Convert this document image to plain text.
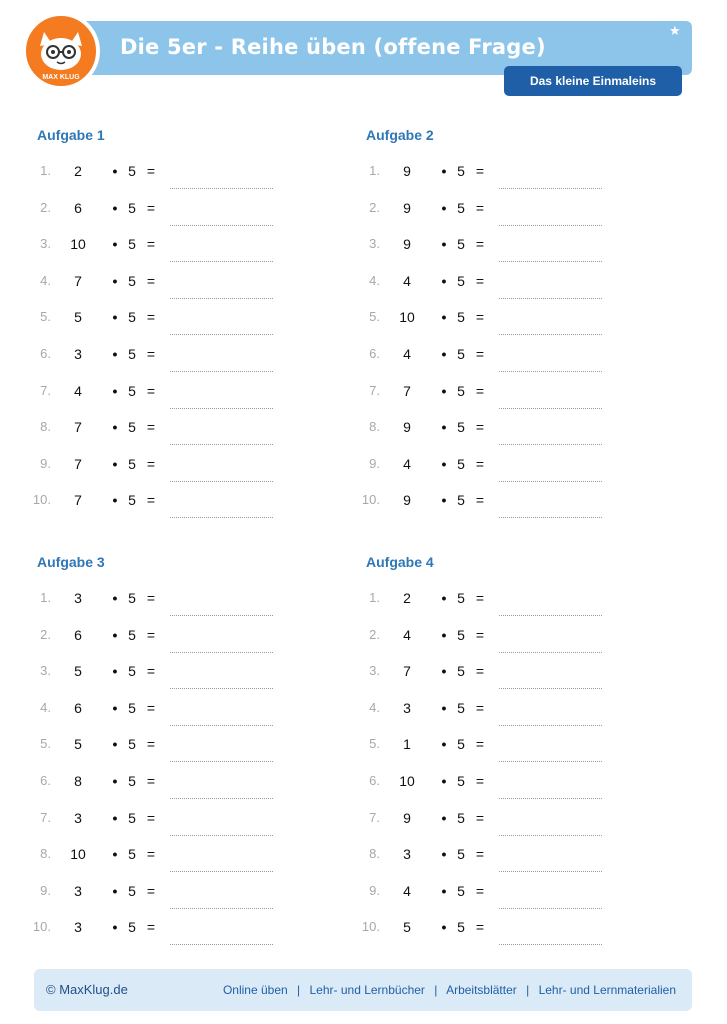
MAX KLUG
Die 5er - Reihe üben (offene Frage)
★
Das kleine Einmaleins
Aufgabe 1
1.	2	• 5 =
2.	6	• 5 =
3.	10	• 5 =
4.	7	• 5 =
5.	5	• 5 =
6.	3	• 5 =
7.	4	• 5 =
8.	7	• 5 =
9.	7	• 5 =
10.	7	• 5 =
Aufgabe 2
1.	9	• 5 =
2.	9	• 5 =
3.	9	• 5 =
4.	4	• 5 =
5.	10	• 5 =
6.	4	• 5 =
7.	7	• 5 =
8.	9	• 5 =
9.	4	• 5 =
10.	9	• 5 =
Aufgabe 3
1.	3	• 5 =
2.	6	• 5 =
3.	5	• 5 =
4.	6	• 5 =
5.	5	• 5 =
6.	8	• 5 =
7.	3	• 5 =
8.	10	• 5 =
9.	3	• 5 =
10.	3	• 5 =
Aufgabe 4
1.	2	• 5 =
2.	4	• 5 =
3.	7	• 5 =
4.	3	• 5 =
5.	1	• 5 =
6.	10	• 5 =
7.	9	• 5 =
8.	3	• 5 =
9.	4	• 5 =
10.	5	• 5 =
© MaxKlug.de	Online üben | Lehr- und Lernbücher | Arbeitsblätter | Lehr- und Lernmaterialien
